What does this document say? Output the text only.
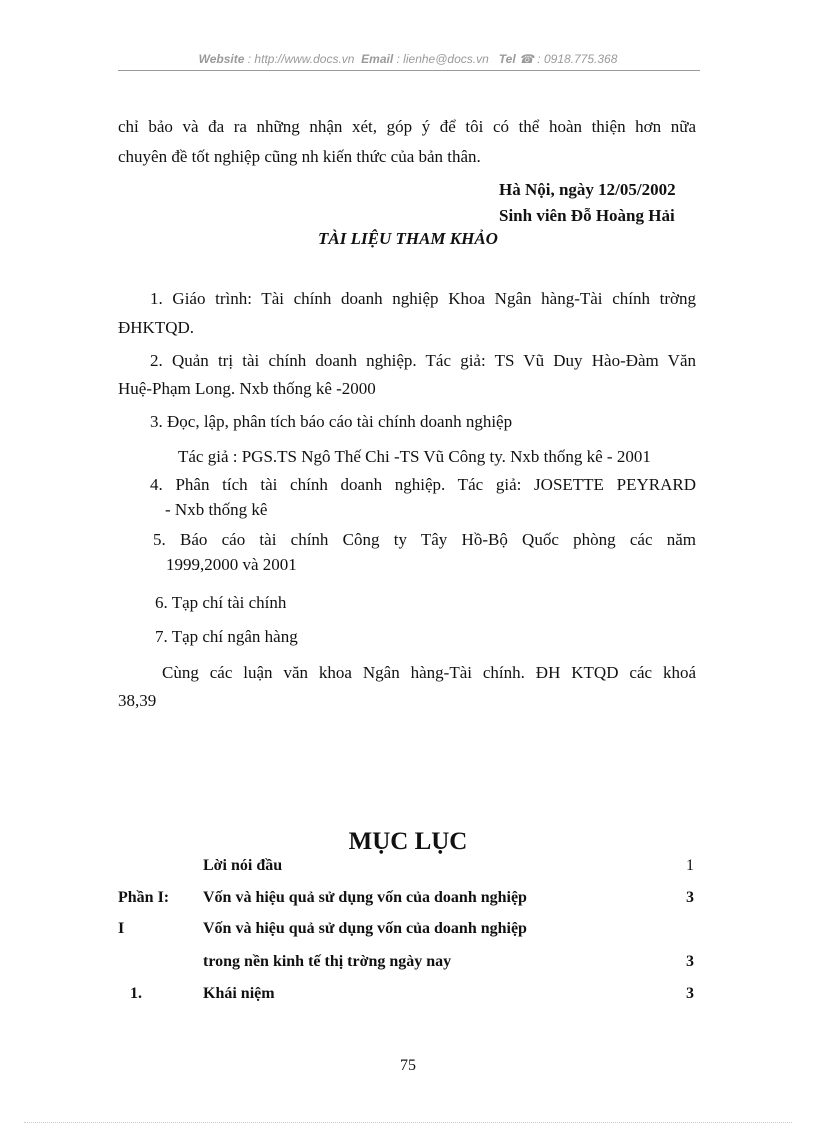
Website : http://www.docs.vn Email : lienhe@docs.vn Tel ☎ : 0918.775.368
chỉ bảo và đa ra những nhận xét, góp ý để tôi có thể hoàn thiện hơn nữa
chuyên đề tốt nghiệp cũng nh kiến thức của bản thân.
Hà Nội, ngày 12/05/2002
Sinh viên Đỗ Hoàng Hải
TÀI LIỆU THAM KHẢO
1. Giáo trình: Tài chính doanh nghiệp Khoa Ngân hàng-Tài chính trờng
ĐHKTQD.
2. Quản trị tài chính doanh nghiệp. Tác giả: TS Vũ Duy Hào-Đàm Văn
Huệ-Phạm Long. Nxb thống kê -2000
3. Đọc, lập, phân tích báo cáo tài chính doanh nghiệp
Tác giả : PGS.TS Ngô Thế Chi -TS Vũ Công ty. Nxb thống kê - 2001
4. Phân tích tài chính doanh nghiệp. Tác giả: JOSETTE PEYRARD
- Nxb thống kê
5. Báo cáo tài chính Công ty Tây Hồ-Bộ Quốc phòng các năm
1999,2000 và 2001
6. Tạp chí tài chính
7. Tạp chí ngân hàng
Cùng các luận văn khoa Ngân hàng-Tài chính. ĐH KTQD các khoá
38,39
MỤC LỤC
Lời nói đầu	1
Phần I: Vốn và hiệu quả sử dụng vốn của doanh nghiệp	3
I	Vốn và hiệu quả sử dụng vốn của doanh nghiệp
trong nền kinh tế thị trờng ngày nay	3
1.	Khái niệm	3
75
